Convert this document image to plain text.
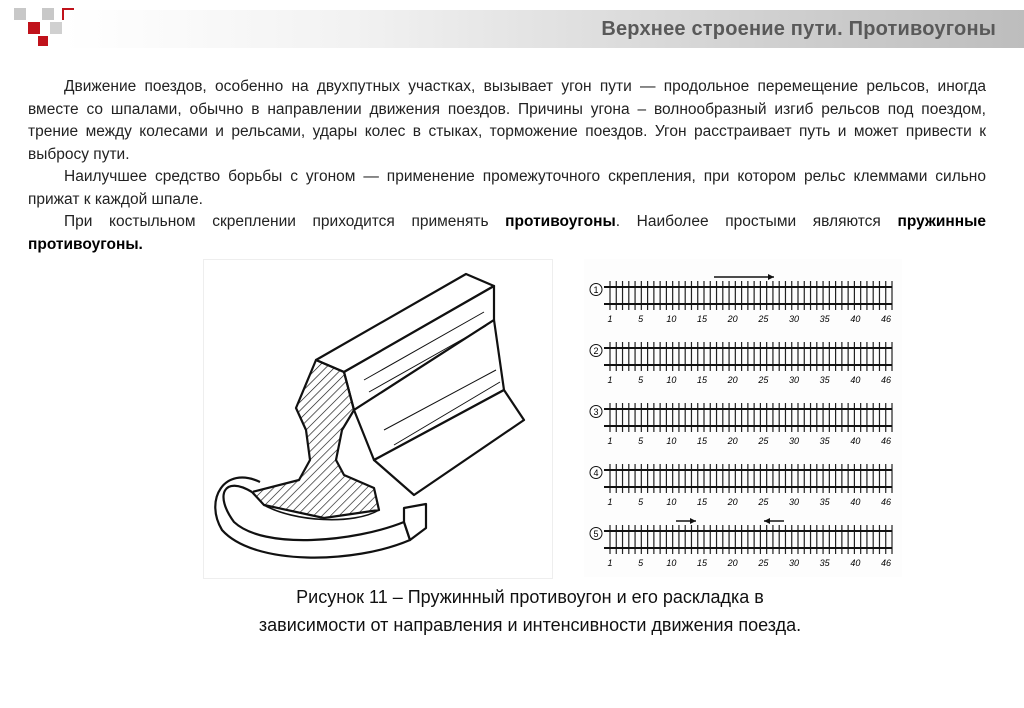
Верхнее строение пути. Противоугоны

Движение поездов, особенно на двухпутных участках, вызывает угон пути — продольное перемещение рельсов, иногда вместе со шпалами, обычно в направлении движения поездов. Причины угона – волнообразный изгиб рельсов под поездом, трение между колесами и рельсами, удары колес в стыках, торможение поездов. Угон расстраивает путь и может привести к выбросу пути.

Наилучшее средство борьбы с угоном — применение промежуточного скрепления, при котором рельс клеммами сильно прижат к каждой шпале.

При костыльном скреплении приходится применять противоугоны. Наиболее простыми являются пружинные противоугоны.

1
1	5	10 15 20 25 30 35 40 46
2
1	5	10 15 20 25 30 35 40 46
3
1	5	10 15 20 25 30 35 40 46
4
1	5	10 15 20 25 30 35 40 46
5
1	5	10 15 20 25 30 35 40 46
Рисунок 11 – Пружинный противоугон и его раскладка в
зависимости от направления и интенсивности движения поезда.
